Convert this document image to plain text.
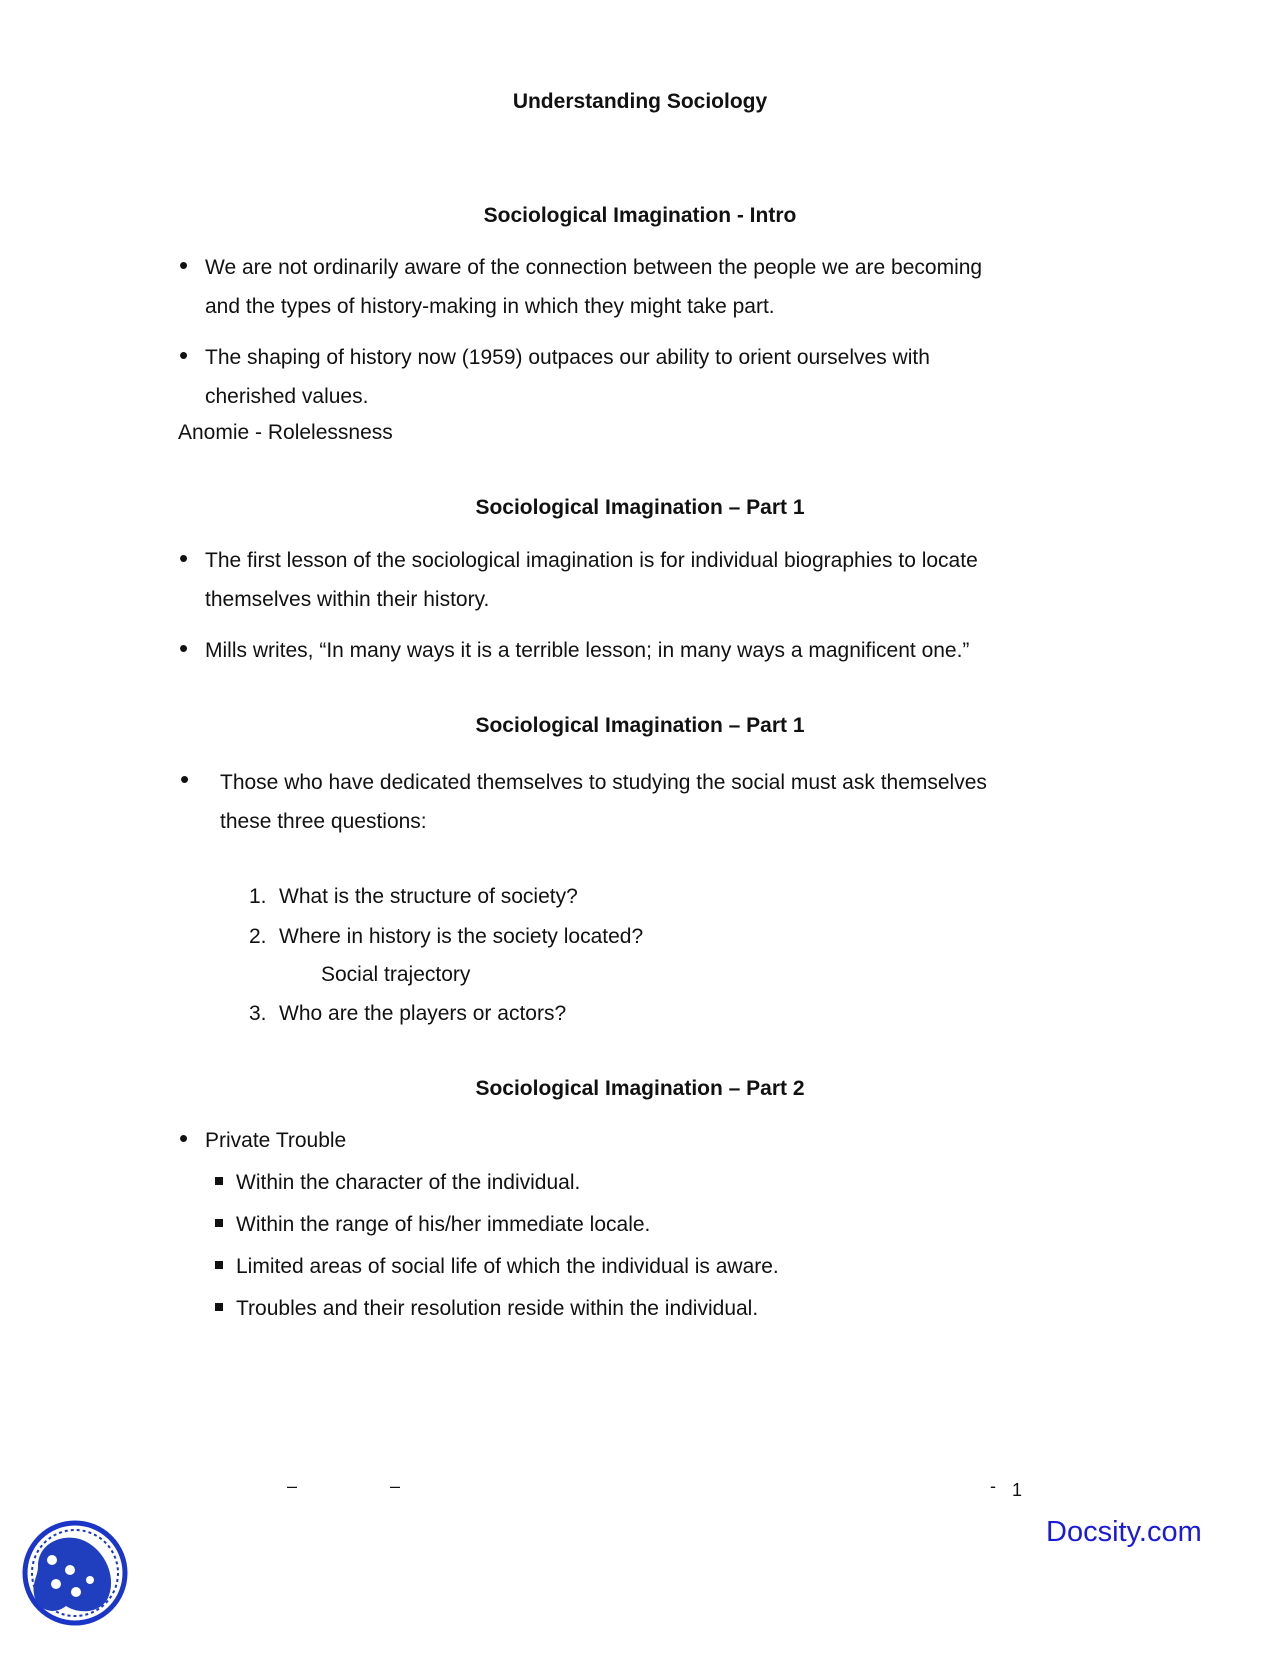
Understanding Sociology
Sociological Imagination - Intro
• We are not ordinarily aware of the connection between the people we are becoming
and the types of history-making in which they might take part.
• The shaping of history now (1959) outpaces our ability to orient ourselves with
cherished values.
Anomie - Rolelessness
Sociological Imagination – Part 1
• The first lesson of the sociological imagination is for individual biographies to locate
themselves within their history.
• Mills writes, “In many ways it is a terrible lesson; in many ways a magnificent one.”
Sociological Imagination – Part 1
• Those who have dedicated themselves to studying the social must ask themselves
these three questions:
1. What is the structure of society?
2. Where in history is the society located?
Social trajectory
3. Who are the players or actors?
Sociological Imagination – Part 2
• Private Trouble
Within the character of the individual.
Within the range of his/her immediate locale.
Limited areas of social life of which the individual is aware.
Troubles and their resolution reside within the individual.
–	–	- 1
Docsity.com
